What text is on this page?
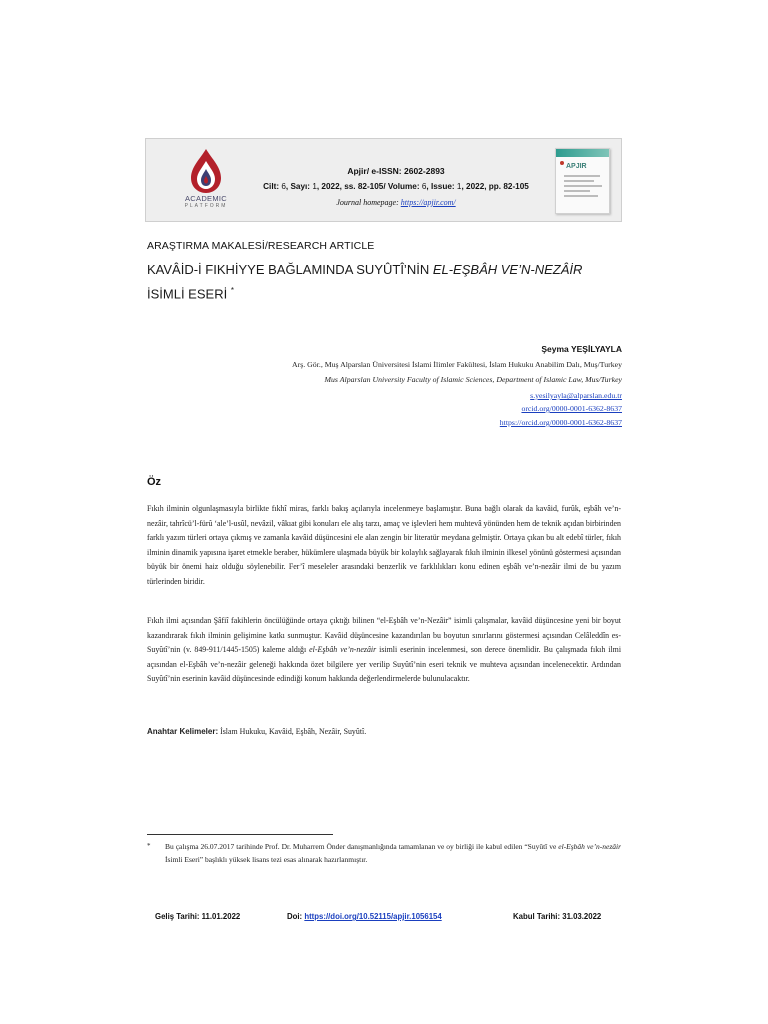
ACADEMIC
PLATFORM
Apjir/ e-ISSN: 2602-2893
Cilt: 6, Sayı: 1, 2022, ss. 82-105/ Volume: 6, Issue: 1, 2022, pp. 82-105
Journal homepage: https://apjir.com/
APJIR
ARAŞTIRMA MAKALESİ/RESEARCH ARTICLE
KAVÂİD-İ FIKHİYYE BAĞLAMINDA SUYÛTÎ’NİN EL-EŞBÂH VE’N-NEZÂİR
İSİMLİ ESERİ *
Şeyma YEŞİLYAYLA
Arş. Gör., Muş Alparslan Üniversitesi İslami İlimler Fakültesi, İslam Hukuku Anabilim Dalı, Muş/Turkey
Mus Alparslan University Faculty of Islamic Sciences, Department of Islamic Law, Mus/Turkey
s.yesilyayla@alparslan.edu.tr
orcid.org/0000-0001-6362-8637
https://orcid.org/0000-0001-6362-8637
Öz
Fıkıh ilminin olgunlaşmasıyla birlikte fıkhî miras, farklı bakış açılarıyla incelenmeye başlamıştır. Buna bağlı olarak da kavâid, furûk, eşbâh ve’n-nezâir, tahrîcü’l-fürû ‘ale’l-usûl, nevâzil, vâkıat gibi konuları ele alış tarzı, amaç ve işlevleri hem muhtevâ yönünden hem de teknik açıdan birbirinden farklı yazım türleri ortaya çıkmış ve zamanla kavâid düşüncesini ele alan zengin bir literatür meydana gelmiştir. Ortaya çıkan bu alt edebî türler, fıkıh ilminin dinamik yapısına işaret etmekle beraber, hükümlere ulaşmada büyük bir kolaylık sağlayarak fıkıh ilminin ilkesel yönünü göstermesi açısından büyük bir önemi haiz olduğu söylenebilir. Fer’î meseleler arasındaki benzerlik ve farklılıkları konu edinen eşbâh ve’n-nezâir ilmi de bu yazım türlerinden biridir.
Fıkıh ilmi açısından Şâfiî fakihlerin öncülüğünde ortaya çıktığı bilinen “el-Eşbâh ve’n-Nezâir” isimli çalışmalar, kavâid düşüncesine yeni bir boyut kazandırarak fıkıh ilminin gelişimine katkı sunmuştur. Kavâid düşüncesine kazandırılan bu boyutun sınırlarını göstermesi açısından Celâleddîn es-Suyûtî’nin (v. 849-911/1445-1505) kaleme aldığı el-Eşbâh ve’n-nezâir isimli eserinin incelenmesi, son derece önemlidir. Bu çalışmada fıkıh ilmi açısından el-Eşbâh ve’n-nezâir geleneği hakkında özet bilgilere yer verilip Suyûtî’nin eseri teknik ve muhteva açısından incelenecektir. Ardından Suyûtî’nin eserinin kavâid düşüncesinde edindiği konum hakkında değerlendirmelerde bulunulacaktır.
Anahtar Kelimeler: İslam Hukuku, Kavâid, Eşbâh, Nezâir, Suyûtî.
* Bu çalışma 26.07.2017 tarihinde Prof. Dr. Muharrem Önder danışmanlığında tamamlanan ve oy birliği ile kabul edilen “Suyûtî ve el-Eşbâh ve’n-nezâir İsimli Eseri” başlıklı yüksek lisans tezi esas alınarak hazırlanmıştır.
Geliş Tarihi: 11.01.2022	Doi: https://doi.org/10.52115/apjir.1056154	Kabul Tarihi: 31.03.2022
